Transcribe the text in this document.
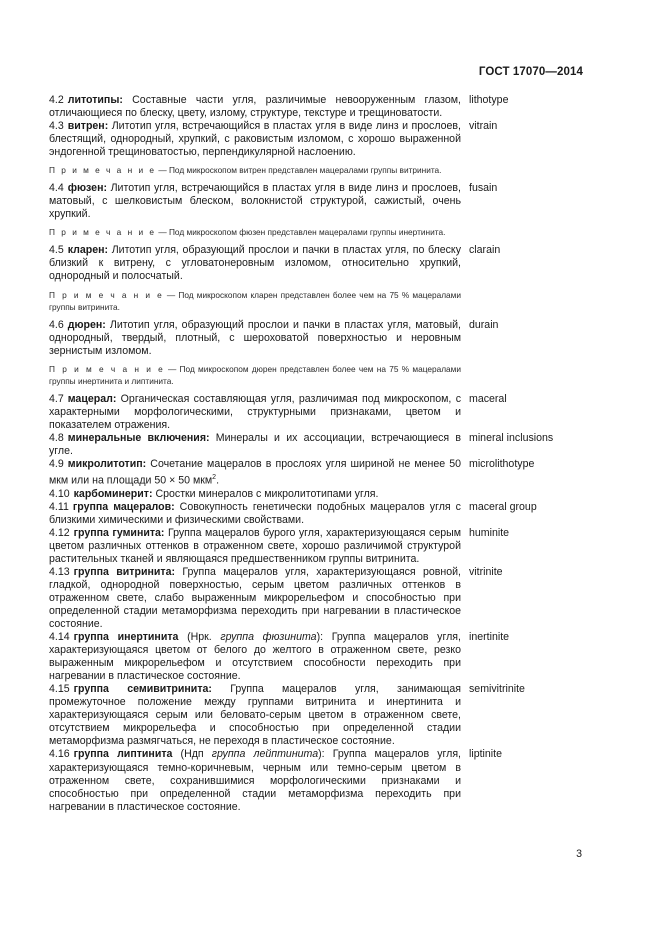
ГОСТ 17070—2014
4.2 литотипы: Составные части угля, различимые невооруженным глазом, отличающиеся по блеску, цвету, излому, структуре, текстуре и трещиноватости.
lithotype
4.3 витрен: Литотип угля, встречающийся в пластах угля в виде линз и прослоев, блестящий, однородный, хрупкий, с раковистым изломом, с хорошо выраженной эндогенной трещиноватостью, перпендикулярной наслоению.
vitrain
П р и м е ч а н и е — Под микроскопом витрен представлен мацералами группы витринита.
4.4 фюзен: Литотип угля, встречающийся в пластах угля в виде линз и прослоев, матовый, с шелковистым блеском, волокнистой структурой, сажистый, очень хрупкий.
fusain
П р и м е ч а н и е — Под микроскопом фюзен представлен мацералами группы инертинита.
4.5 кларен: Литотип угля, образующий прослои и пачки в пластах угля, по блеску близкий к витрену, с угловатонеровным изломом, относительно хрупкий, однородный и полосчатый.
clarain
П р и м е ч а н и е — Под микроскопом кларен представлен более чем на 75 % мацералами группы витринита.
4.6 дюрен: Литотип угля, образующий прослои и пачки в пластах угля, матовый, однородный, твердый, плотный, с шероховатой поверхностью и неровным зернистым изломом.
durain
П р и м е ч а н и е — Под микроскопом дюрен представлен более чем на 75 % мацералами группы инертинита и липтинита.
4.7 мацерал: Органическая составляющая угля, различимая под микроскопом, с характерными морфологическими, структурными признаками, цветом и показателем отражения.
maceral
4.8 минеральные включения: Минералы и их ассоциации, встречающиеся в угле.
mineral inclusions
4.9 микролитотип: Сочетание мацералов в прослоях угля шириной не менее 50 мкм или на площади 50 × 50 мкм$^2$.
microlithotype
4.10 карбоминерит: Сростки минералов с микролитотипами угля.
4.11 группа мацералов: Совокупность генетически подобных мацералов угля с близкими химическими и физическими свойствами.
maceral group
4.12 группа гуминита: Группа мацералов бурого угля, характеризующаяся серым цветом различных оттенков в отраженном свете, хорошо различимой структурой растительных тканей и являющаяся предшественником группы витринита.
huminite
4.13 группа витринита: Группа мацералов угля, характеризующаяся ровной, гладкой, однородной поверхностью, серым цветом различных оттенков в отраженном свете, слабо выраженным микрорельефом и способностью при определенной стадии метаморфизма переходить при нагревании в пластическое состояние.
vitrinite
4.14 группа инертинита (Нрк. группа фюзинита): Группа мацералов угля, характеризующаяся цветом от белого до желтого в отраженном свете, резко выраженным микрорельефом и отсутствием способности переходить при нагревании в пластическое состояние.
inertinite
4.15 группа семивитринита: Группа мацералов угля, занимающая промежуточное положение между группами витринита и инертинита и характеризующаяся серым или беловато-серым цветом в отраженном свете, отсутствием микрорельефа и способностью при определенной стадии метаморфизма размягчаться, не переходя в пластическое состояние.
semivitrinite
4.16 группа липтинита (Ндп группа лейптинита): Группа мацералов угля, характеризующаяся темно-коричневым, черным или темно-серым цветом в отраженном свете, сохранившимися морфологическими признаками и способностью при определенной стадии метаморфизма переходить при нагревании в пластическое состояние.
liptinite
3
